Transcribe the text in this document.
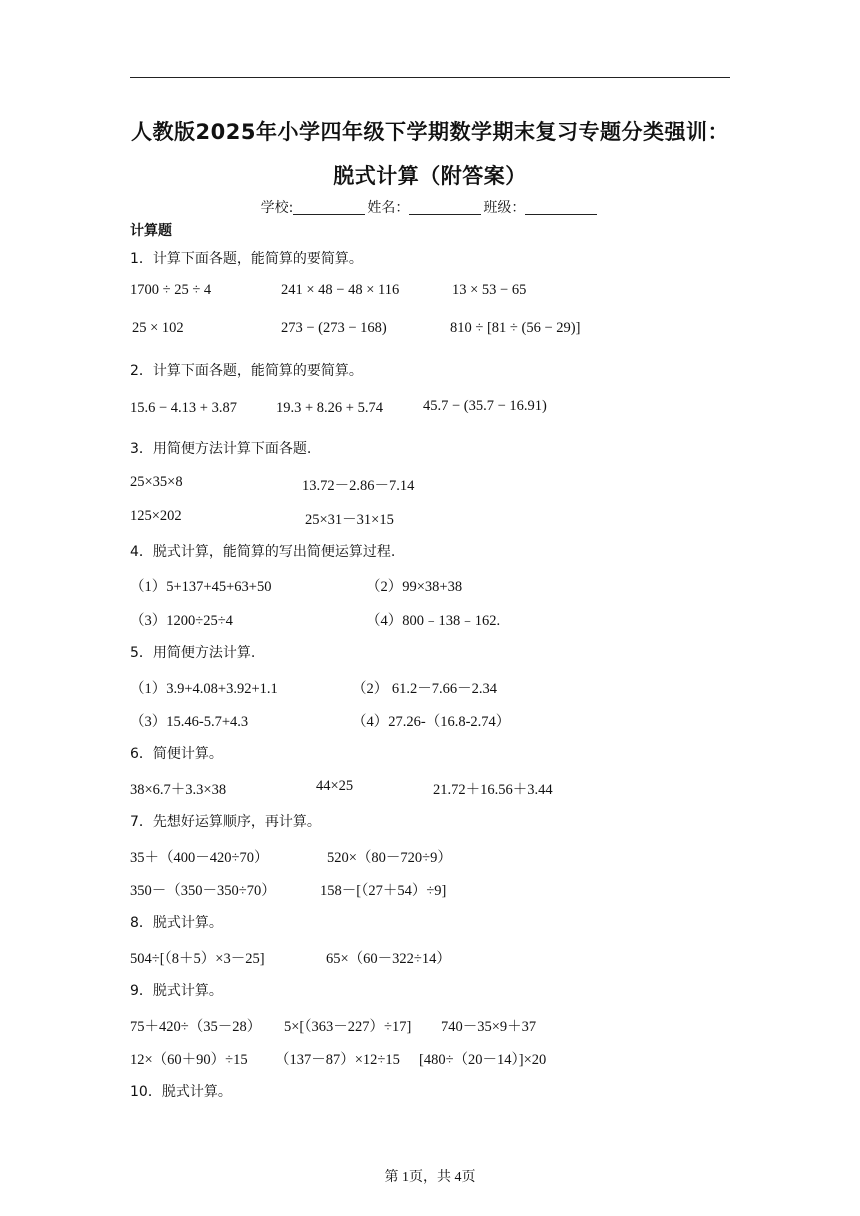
人教版2025年小学四年级下学期数学期末复习专题分类强训：
脱式计算（附答案）
学校:	姓名：	班级：
计算题
1．计算下面各题，能简算的要简算。
1700 ÷ 25 ÷ 4	241 × 48 − 48 × 116	13 × 53 − 65
25 × 102	273 − (273 − 168)	810 ÷ [81 ÷ (56 − 29)]
2．计算下面各题，能简算的要简算。
15.6 − 4.13 + 3.87	19.3 + 8.26 + 5.74	45.7 − (35.7 − 16.91)
3．用简便方法计算下面各题.
25×35×8	13.72－2.86－7.14
125×202	25×31－31×15
4．脱式计算，能简算的写出简便运算过程.
（1）5+137+45+63+50	（2）99×38+38
（3）1200÷25÷4	（4）800﹣138﹣162.
5．用简便方法计算.
（1）3.9+4.08+3.92+1.1	（2） 61.2－7.66－2.34
（3）15.46-5.7+4.3	（4）27.26-（16.8-2.74）
6．简便计算。
38×6.7＋3.3×38	44×25	21.72＋16.56＋3.44
7．先想好运算顺序，再计算。
35＋（400－420÷70）	520×（80－720÷9）
350－（350－350÷70）	158－[（27＋54）÷9]
8．脱式计算。
504÷[（8＋5）×3－25]	65×（60－322÷14）
9．脱式计算。
75＋420÷（35－28） 5×[（363－227）÷17] 740－35×9＋37
12×（60＋90）÷15 （137－87）×12÷15 [480÷（20－14）]×20
10．脱式计算。
第 1页，共 4页
